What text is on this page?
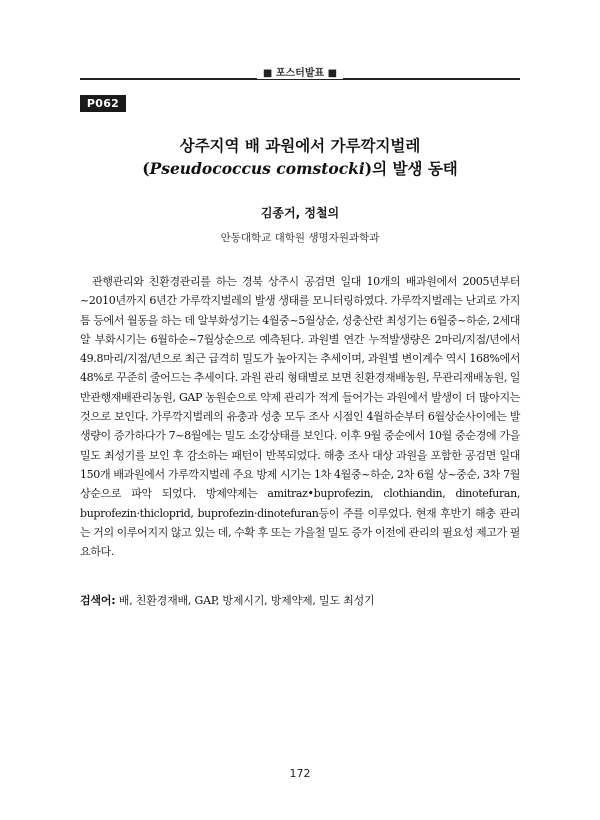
■ 포스터발표 ■
P062
상주지역 배 과원에서 가루깍지벌레
(Pseudococcus comstocki)의 발생 동태
김종거, 정철의
안동대학교 대학원 생명자원과학과

관행관리와 친환경관리를 하는 경북 상주시 공검면 일대 10개의 배과원에서 2005년부터~2010년까지 6년간 가루깍지벌레의 발생 생태를 모니터링하였다. 가루깍지벌레는 난괴로 가지틈 등에서 월동을 하는 데 알부화성기는 4월중~5월상순, 성충산란 최성기는 6월중~하순, 2세대 알 부화시기는 6월하순~7월상순으로 예측된다. 과원별 연간 누적발생량은 2마리/지점/년에서 49.8마리/지점/년으로 최근 급격히 밀도가 높아지는 추세이며, 과원별 변이계수 역시 168%에서 48%로 꾸준히 줄어드는 추세이다. 과원 관리 형태별로 보면 친환경재배농원, 무관리재배농원, 일반관행재배관리농원, GAP 농원순으로 약제 관리가 적게 들어가는 과원에서 발생이 더 많아지는 것으로 보인다. 가루깍지벌레의 유충과 성충 모두 조사 시점인 4월하순부터 6월상순사이에는 발생량이 증가하다가 7~8월에는 밀도 소강상태를 보인다. 이후 9월 중순에서 10월 중순경에 가을 밀도 최성기를 보인 후 감소하는 패턴이 반복되었다. 해충 조사 대상 과원을 포함한 공검면 일대 150개 배과원에서 가루깍지벌레 주요 방제 시기는 1차 4월중~하순, 2차 6월 상~중순, 3차 7월상순으로 파악 되었다. 방제약제는 amitraz•buprofezin, clothiandin, dinotefuran, buprofezin·thicloprid, buprofezin·dinotefuran등이 주를 이루었다. 현재 후반기 해충 관리는 거의 이루어지지 않고 있는 데, 수확 후 또는 가을철 밀도 증가 이전에 관리의 필요성 제고가 필요하다.

검색어: 배, 친환경재배, GAP, 방제시기, 방제약제, 밀도 최성기
172
